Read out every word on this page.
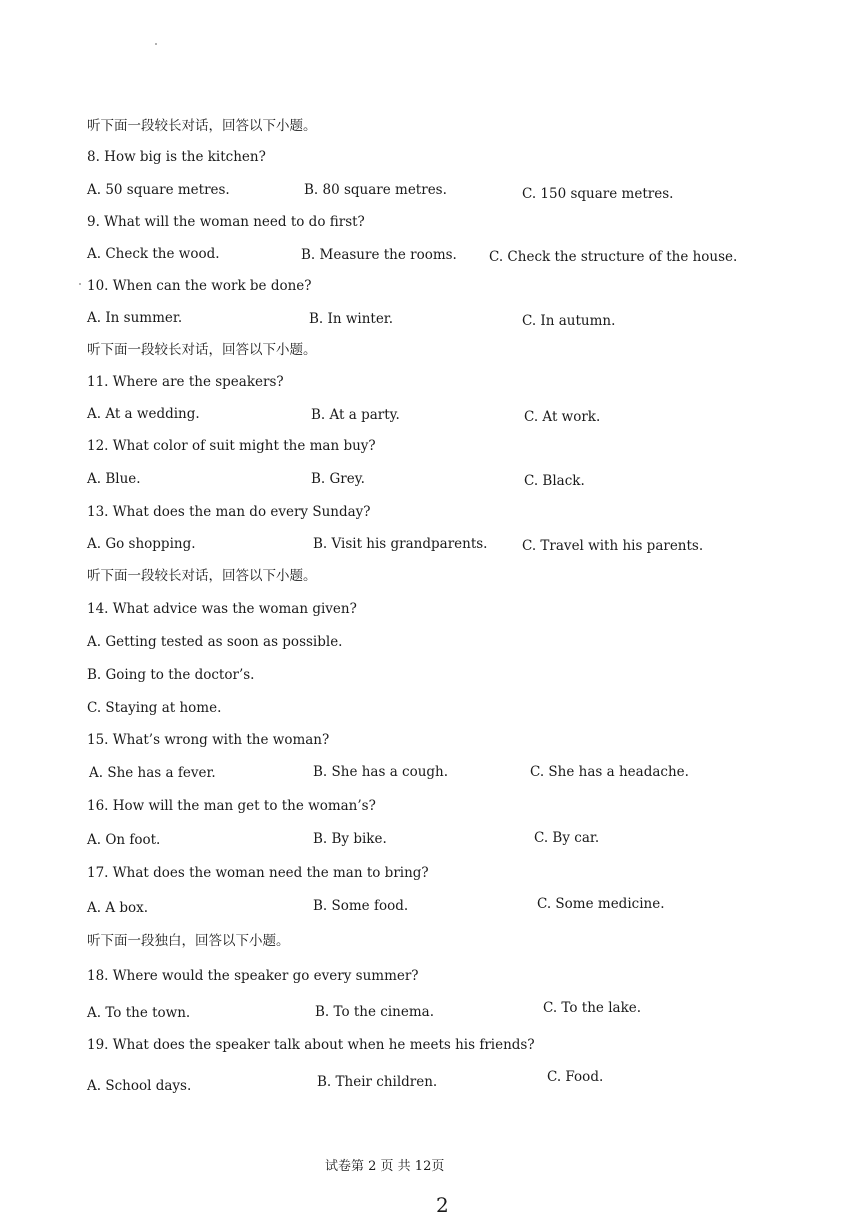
听下面一段较长对话，回答以下小题。
8. How big is the kitchen?
A. 50 square metres.	B. 80 square metres.	C. 150 square metres.
9. What will the woman need to do first?
A. Check the wood.	B. Measure the rooms. C. Check the structure of the house.
10. When can the work be done?
A. In summer.	B. In winter.	C. In autumn.
听下面一段较长对话，回答以下小题。
11. Where are the speakers?
A. At a wedding.	B. At a party.	C. At work.
12. What color of suit might the man buy?
A. Blue.	B. Grey.	C. Black.
13. What does the man do every Sunday?
A. Go shopping.	B. Visit his grandparents.	C. Travel with his parents.
听下面一段较长对话，回答以下小题。
14. What advice was the woman given?
A. Getting tested as soon as possible.
B. Going to the doctor’s.
C. Staying at home.
15. What’s wrong with the woman?
A. She has a fever.	B. She has a cough.	C. She has a headache.
16. How will the man get to the woman’s?
A. On foot.	B. By bike.	C. By car.
17. What does the woman need the man to bring?
A. A box.	B. Some food.	C. Some medicine.
听下面一段独白，回答以下小题。
18. Where would the speaker go every summer?
A. To the town.	B. To the cinema.	C. To the lake.
19. What does the speaker talk about when he meets his friends?
A. School days.	B. Their children.	C. Food.
试卷第 2 页 共 12页
2
